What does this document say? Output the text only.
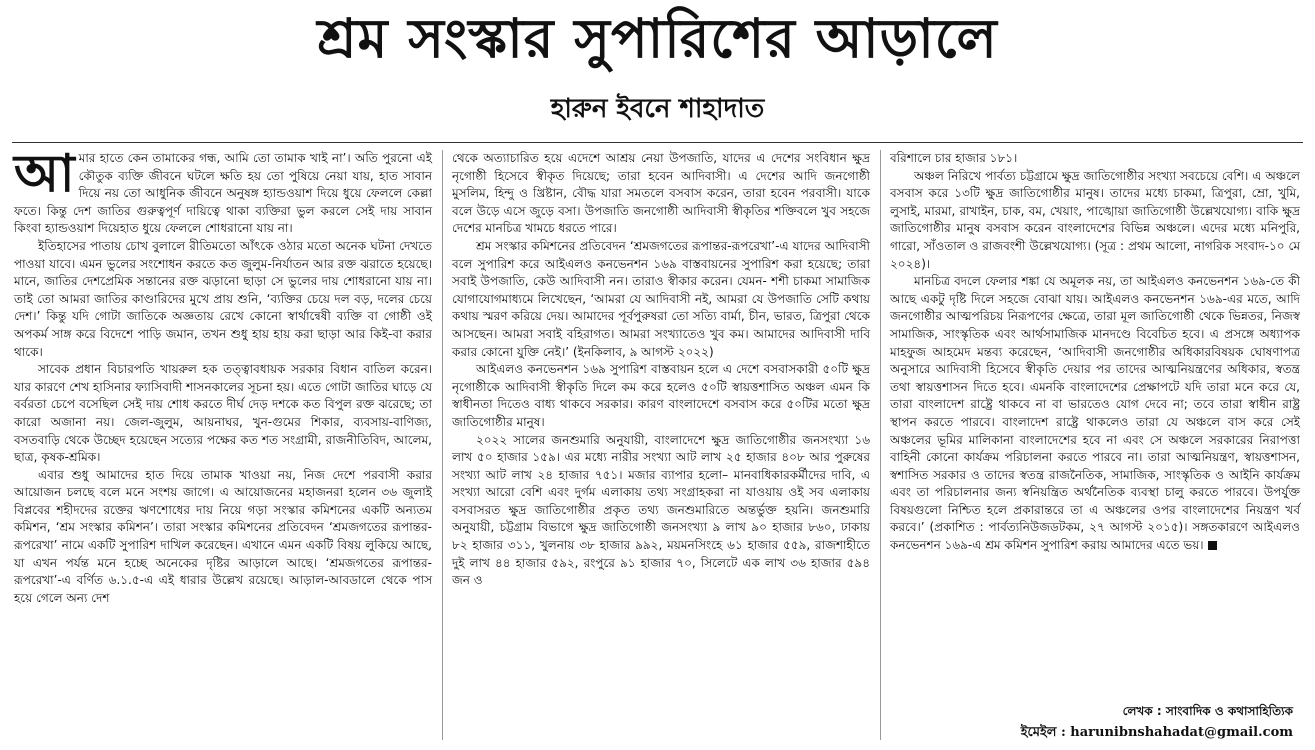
শ্রম সংস্কার সুপারিশের আড়ালে
হারুন ইবনে শাহাদাত

আমার হাতে কেন তামাকের গন্ধ, আমি তো তামাক খাই না’। অতি পুরনো এই কৌতুক ব্যক্তি জীবনে ঘটলে ক্ষতি হয় তো পুষিয়ে নেয়া যায়, হাত সাবান দিয়ে নয় তো আধুনিক জীবনে অনুষঙ্গ হ্যান্ডওয়াশ দিয়ে ধুয়ে ফেললে কেল্লা ফতে। কিন্তু দেশ জাতির গুরুত্বপূর্ণ দায়িত্বে থাকা ব্যক্তিরা ভুল করলে সেই দায় সাবান কিংবা হ্যান্ডওয়াশ দিয়েহাত ধুয়ে ফেললে শোধরানো যায় না।

ইতিহাসের পাতায় চোখ বুলালে রীতিমতো আঁৎকে ওঠার মতো অনেক ঘটনা দেখতে পাওয়া যাবে। এমন ভুলের সংশোধন করতে কত জুলুম-নির্যাতন আর রক্ত ঝরাতে হয়েছে। মানে, জাতির দেশপ্রেমিক সন্তানের রক্ত ঝড়ানো ছাড়া সে ভুলের দায় শোধরানো যায় না। তাই তো আমরা জাতির কাণ্ডারিদের মুখে প্রায় শুনি, ‘ব্যক্তির চেয়ে দল বড়, দলের চেয়ে দেশ।’ কিন্তু যদি গোটা জাতিকে অজ্ঞতায় রেখে কোনো স্বার্থান্বেষী ব্যক্তি বা গোষ্ঠী ওই অপকর্ম সাঙ্গ করে বিদেশে পাড়ি জমান, তখন শুধু হায় হায় করা ছাড়া আর কিই-বা করার থাকে।

সাবেক প্রধান বিচারপতি খায়রুল হক তত্ত্বাবধায়ক সরকার বিধান বাতিল করেন। যার কারণে শেখ হাসিনার ফ্যাসিবাদী শাসনকালের সূচনা হয়। এতে গোটা জাতির ঘাড়ে যে বর্বরতা চেপে বসেছিল সেই দায় শোধ করতে দীর্ঘ দেড় দশকে কত বিপুল রক্ত ঝরেছে; তা কারো অজানা নয়। জেল-জুলুম, আয়নাঘর, খুন-গুমের শিকার, ব্যবসায়-বাণিজ্য, বসতবাড়ি থেকে উচ্ছেদ হয়েছেন সত্যের পক্ষের কত শত সংগ্রামী, রাজনীতিবিদ, আলেম, ছাত্র, কৃষক-শ্রমিক।

এবার শুধু আমাদের হাত দিয়ে তামাক খাওয়া নয়, নিজ দেশে পরবাসী করার আয়োজন চলছে বলে মনে সংশয় জাগে। এ আয়োজনের মহাজনরা হলেন ৩৬ জুলাই বিপ্লবের শহীদদের রক্তের ঋণশোধের দায় নিয়ে গড়া সংস্কার কমিশনের একটি অন্যতম কমিশন, ‘শ্রম সংস্কার কমিশন’। তারা সংস্কার কমিশনের প্রতিবেদন ‘শ্রমজগতের রূপান্তর-রূপরেখা’ নামে একটি সুপারিশ দাখিল করেছেন। এখানে এমন একটি বিষয় লুকিয়ে আছে, যা এখন পর্যন্ত মনে হচ্ছে অনেকের দৃষ্টির আড়ালে আছে। ‘শ্রমজগতের রূপান্তর-রূপরেখা’-এ বর্ণিত ৬.১.৫-এ এই ধারার উল্লেখ রয়েছে। আড়াল-আবডালে থেকে পাস হয়ে গেলে অন্য দেশ

থেকে অত্যাচারিত হয়ে এদেশে আশ্রয় নেয়া উপজাতি, যাদের এ দেশের সংবিধান ক্ষুদ্র নৃগোষ্ঠী হিসেবে স্বীকৃত দিয়েছে; তারা হবেন আদিবাসী। এ দেশের আদি জনগোষ্ঠী মুসলিম, হিন্দু ও খ্রিষ্টান, বৌদ্ধ যারা সমতলে বসবাস করেন, তারা হবেন পরবাসী। যাকে বলে উড়ে এসে জুড়ে বসা। উপজাতি জনগোষ্ঠী আদিবাসী স্বীকৃতির শক্তিবলে খুব সহজে দেশের মানচিত্র খামচে ধরতে পারে।

শ্রম সংস্কার কমিশনের প্রতিবেদন ‘শ্রমজগতের রূপান্তর-রূপরেখা’-এ যাদের আদিবাসী বলে সুপারিশ করে আইএলও কনভেনশন ১৬৯ বাস্তবায়নের সুপারিশ করা হয়েছে; তারা সবাই উপজাতি, কেউ আদিবাসী নন। তারাও স্বীকার করেন। যেমন- শশী চাকমা সামাজিক যোগাযোগমাধ্যমে লিখেছেন, ‘আমরা যে আদিবাসী নই, আমরা যে উপজাতি সেটি কথায় কথায় স্মরণ করিয়ে দেয়। আমাদের পূর্বপুরুষরা তো সত্যি বার্মা, চীন, ভারত, ত্রিপুরা থেকে আসছেন। আমরা সবাই বহিরাগত। আমরা সংখ্যাতেও খুব কম। আমাদের আদিবাসী দাবি করার কোনো যুক্তি নেই।’ (ইনকিলাব, ৯ আগস্ট ২০২২)

আইএলও কনভেনশন ১৬৯ সুপারিশ বাস্তবায়ন হলে এ দেশে বসবাসকারী ৫০টি ক্ষুদ্র নৃগোষ্ঠীকে আদিবাসী স্বীকৃতি দিলে কম করে হলেও ৫০টি স্বায়ত্তশাসিত অঞ্চল এমন কি স্বাধীনতা দিতেও বাধ্য থাকবে সরকার। কারণ বাংলাদেশে বসবাস করে ৫০টির মতো ক্ষুদ্র জাতিগোষ্ঠীর মানুষ।

২০২২ সালের জনশুমারি অনুযায়ী, বাংলাদেশে ক্ষুদ্র জাতিগোষ্ঠীর জনসংখ্যা ১৬ লাখ ৫০ হাজার ১৫৯। এর মধ্যে নারীর সংখ্যা আট লাখ ২৫ হাজার ৪০৮ আর পুরুষের সংখ্যা আট লাখ ২৪ হাজার ৭৫১। মজার ব্যাপার হলো– মানবাধিকারকর্মীদের দাবি, এ সংখ্যা আরো বেশি এবং দুর্গম এলাকায় তথ্য সংগ্রাহকরা না যাওয়ায় ওই সব এলাকায় বসবাসরত ক্ষুদ্র জাতিগোষ্ঠীর প্রকৃত তথ্য জনশুমারিতে অন্তর্ভুক্ত হয়নি। জনশুমারি অনুযায়ী, চট্টগ্রাম বিভাগে ক্ষুদ্র জাতিগোষ্ঠী জনসংখ্যা ৯ লাখ ৯০ হাজার ৮৬০, ঢাকায় ৮২ হাজার ৩১১, খুলনায় ৩৮ হাজার ৯৯২, ময়মনসিংহে ৬১ হাজার ৫৫৯, রাজশাহীতে দুই লাখ ৪৪ হাজার ৫৯২, রংপুরে ৯১ হাজার ৭০, সিলেটে এক লাখ ৩৬ হাজার ৫৯৪ জন ও

বরিশালে চার হাজার ১৮১।

অঞ্চল নিরিখে পার্বত্য চট্টগ্রামে ক্ষুদ্র জাতিগোষ্ঠীর সংখ্যা সবচেয়ে বেশি। এ অঞ্চলে বসবাস করে ১৩টি ক্ষুদ্র জাতিগোষ্ঠীর মানুষ। তাদের মধ্যে চাকমা, ত্রিপুরা, ম্রো, খুমি, লুসাই, মারমা, রাখাইন, চাক, বম, খেয়াং, পাঙ্খোয়া জাতিগোষ্ঠী উল্লেখযোগ্য। বাকি ক্ষুদ্র জাতিগোষ্ঠীর মানুষ বসবাস করেন বাংলাদেশের বিভিন্ন অঞ্চলে। এদের মধ্যে মনিপুরি, গারো, সাঁওতাল ও রাজবংশী উল্লেখযোগ্য। (সূত্র : প্রথম আলো, নাগরিক সংবাদ-১০ মে ২০২৪)।

মানচিত্র বদলে ফেলার শঙ্কা যে অমূলক নয়, তা আইএলও কনভেনশন ১৬৯-তে কী আছে একটু দৃষ্টি দিলে সহজে বোঝা যায়। আইএলও কনভেনশন ১৬৯-এর মতে, আদি জনগোষ্ঠীর আত্মপরিচয় নিরূপণের ক্ষেত্রে, তারা মূল জাতিগোষ্ঠী থেকে ভিন্নতর, নিজস্ব সামাজিক, সাংস্কৃতিক এবং আর্থসামাজিক মানদণ্ডে বিবেচিত হবে। এ প্রসঙ্গে অধ্যাপক মাহফুজ আহমেদ মন্তব্য করেছেন, ‘আদিবাসী জনগোষ্ঠীর অধিকারবিষয়ক ঘোষণাপত্র অনুসারে আদিবাসী হিসেবে স্বীকৃতি দেয়ার পর তাদের আত্মনিয়ন্ত্রণের অধিকার, স্বতন্ত্র তথা স্বায়ত্তশাসন দিতে হবে। এমনকি বাংলাদেশের প্রেক্ষাপটে যদি তারা মনে করে যে, তারা বাংলাদেশ রাষ্ট্রে থাকবে না বা ভারতেও যোগ দেবে না; তবে তারা স্বাধীন রাষ্ট্র স্থাপন করতে পারবে। বাংলাদেশ রাষ্ট্রে থাকলেও তারা যে অঞ্চলে বাস করে সেই অঞ্চলের ভূমির মালিকানা বাংলাদেশের হবে না এবং সে অঞ্চলে সরকারের নিরাপত্তা বাহিনী কোনো কার্যক্রম পরিচালনা করতে পারবে না। তারা আত্মনিয়ন্ত্রণ, স্বায়ত্তশাসন, স্বশাসিত সরকার ও তাদের স্বতন্ত্র রাজনৈতিক, সামাজিক, সাংস্কৃতিক ও আইনি কার্যক্রম এবং তা পরিচালনার জন্য স্বনিয়ন্ত্রিত অর্থনৈতিক ব্যবস্থা চালু করতে পারবে। উপর্যুক্ত বিষয়গুলো নিশ্চিত হলে প্রকারান্তরে তা এ অঞ্চলের ওপর বাংলাদেশের নিয়ন্ত্রণ খর্ব করবে।’ (প্রকাশিত : পার্বত্যনিউজডটকম, ২৭ আগস্ট ২০১৫)। সঙ্গতকারণে আইএলও কনভেনশন ১৬৯-এ শ্রম কমিশন সুপারিশ করায় আমাদের এতে ভয়।

লেখক : সাংবাদিক ও কথাসাহিত্যিক
ইমেইল : harunibnshahadat@gmail.com
